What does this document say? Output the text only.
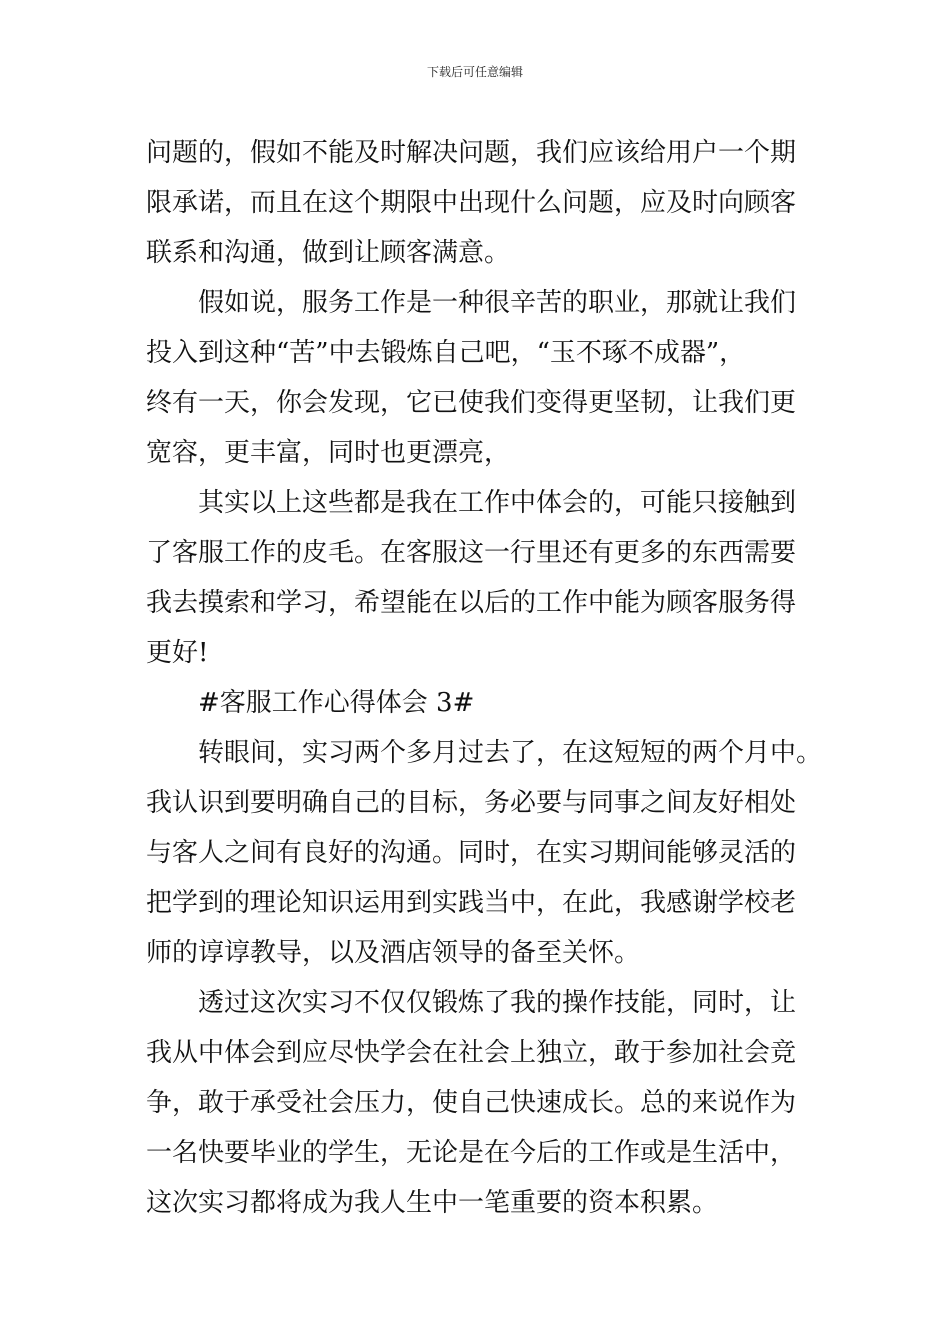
下载后可任意编辑
问题的，假如不能及时解决问题，我们应该给用户一个期
限承诺，而且在这个期限中出现什么问题，应及时向顾客
联系和沟通，做到让顾客满意。
假如说，服务工作是一种很辛苦的职业，那就让我们
投入到这种“苦”中去锻炼自己吧，“玉不琢不成器”，
终有一天，你会发现，它已使我们变得更坚韧，让我们更
宽容，更丰富，同时也更漂亮，
其实以上这些都是我在工作中体会的，可能只接触到
了客服工作的皮毛。在客服这一行里还有更多的东西需要
我去摸索和学习，希望能在以后的工作中能为顾客服务得
更好!
#客服工作心得体会 3#
转眼间，实习两个多月过去了，在这短短的两个月中。
我认识到要明确自己的目标，务必要与同事之间友好相处
与客人之间有良好的沟通。同时，在实习期间能够灵活的
把学到的理论知识运用到实践当中，在此，我感谢学校老
师的谆谆教导，以及酒店领导的备至关怀。
透过这次实习不仅仅锻炼了我的操作技能，同时，让
我从中体会到应尽快学会在社会上独立，敢于参加社会竞
争，敢于承受社会压力，使自己快速成长。总的来说作为
一名快要毕业的学生，无论是在今后的工作或是生活中，
这次实习都将成为我人生中一笔重要的资本积累。
